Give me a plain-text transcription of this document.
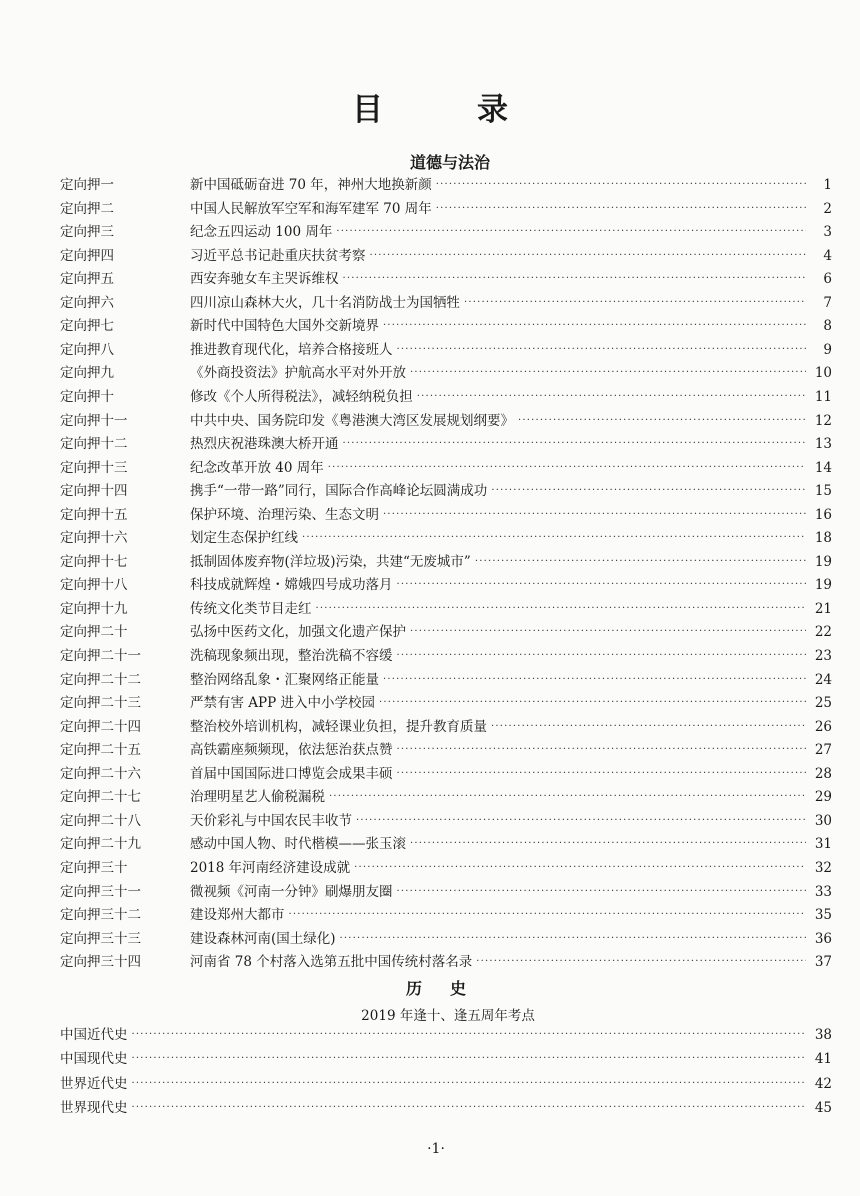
目	录
道德与法治
定向押一	新中国砥砺奋进 70 年，神州大地换新颜 ·····	1
定向押二	中国人民解放军空军和海军建军 70 周年 ·····	2
定向押三	纪念五四运动 100 周年 ·····	3
定向押四	习近平总书记赴重庆扶贫考察 ·····	4
定向押五	西安奔驰女车主哭诉维权 ·····	6
定向押六	四川凉山森林大火，几十名消防战士为国牺牲 ·····	7
定向押七	新时代中国特色大国外交新境界 ·····	8
定向押八	推进教育现代化，培养合格接班人 ·····	9
定向押九	《外商投资法》护航高水平对外开放 ·····	10
定向押十	修改《个人所得税法》，减轻纳税负担 ·····	11
定向押十一	中共中央、国务院印发《粤港澳大湾区发展规划纲要》 ·····	12
定向押十二	热烈庆祝港珠澳大桥开通 ·····	13
定向押十三	纪念改革开放 40 周年 ·····	14
定向押十四	携手“一带一路”同行，国际合作高峰论坛圆满成功 ·····	15
定向押十五	保护环境、治理污染、生态文明 ·····	16
定向押十六	划定生态保护红线 ·····	18
定向押十七	抵制固体废弃物(洋垃圾)污染，共建“无废城市” ·····	19
定向押十八	科技成就辉煌・嫦娥四号成功落月 ·····	19
定向押十九	传统文化类节目走红 ·····	21
定向押二十	弘扬中医药文化，加强文化遗产保护 ·····	22
定向押二十一	洗稿现象频出现，整治洗稿不容缓 ·····	23
定向押二十二	整治网络乱象・汇聚网络正能量 ·····	24
定向押二十三	严禁有害 APP 进入中小学校园 ·····	25
定向押二十四	整治校外培训机构，减轻课业负担，提升教育质量 ·····	26
定向押二十五	高铁霸座频频现，依法惩治获点赞 ·····	27
定向押二十六	首届中国国际进口博览会成果丰硕 ·····	28
定向押二十七	治理明星艺人偷税漏税 ·····	29
定向押二十八	天价彩礼与中国农民丰收节 ·····	30
定向押二十九	感动中国人物、时代楷模——张玉滚 ·····	31
定向押三十	2018 年河南经济建设成就 ·····	32
定向押三十一	微视频《河南一分钟》刷爆朋友圈 ·····	33
定向押三十二	建设郑州大都市 ·····	35
定向押三十三	建设森林河南(国土绿化) ·····	36
定向押三十四	河南省 78 个村落入选第五批中国传统村落名录 ·····	37
历史
2019 年逢十、逢五周年考点
中国近代史 ·····	38
中国现代史 ·····	41
世界近代史 ·····	42
世界现代史 ·····	45
·1·
